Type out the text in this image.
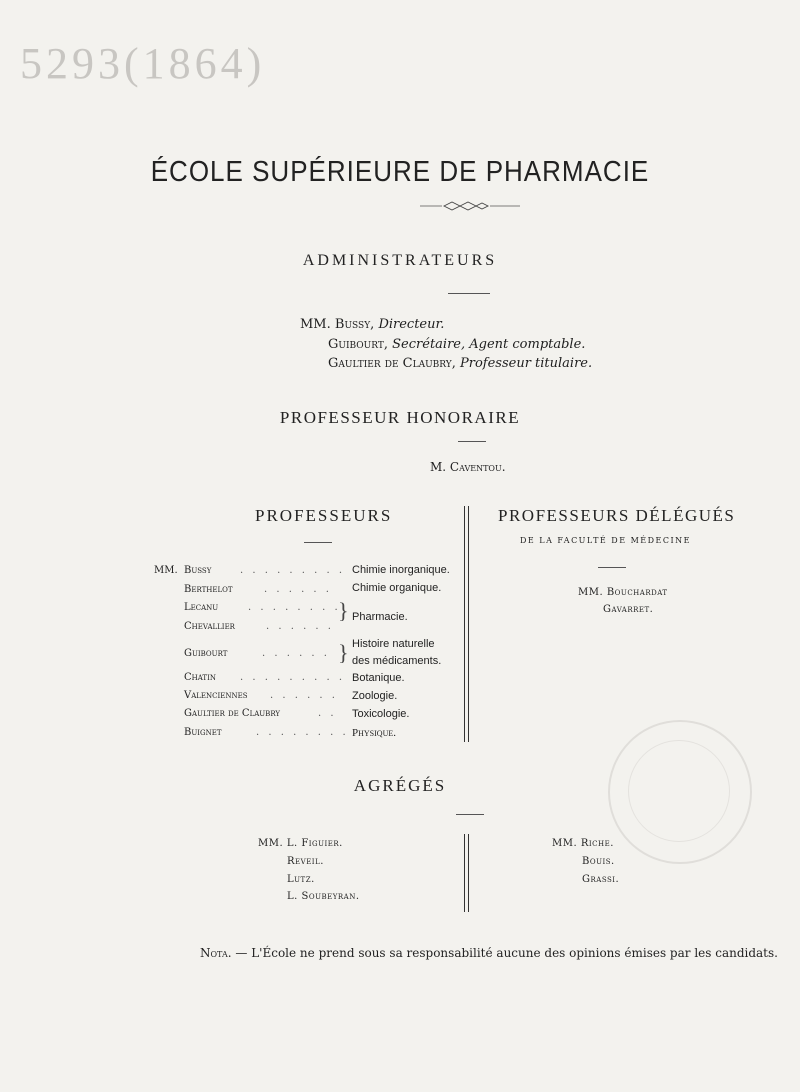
5293(1864)
ÉCOLE SUPÉRIEURE DE PHARMACIE
ADMINISTRATEURS
MM. Bussy, Directeur.
Guibourt, Secrétaire, Agent comptable.
Gaultier de Claubry, Professeur titulaire.
PROFESSEUR HONORAIRE
M. Caventou.
PROFESSEURS
MM. Bussy
Berthelot
Lecanu
Chevallier
Guibourt
Chatin
Valenciennes
Gaultier de Claubry
Buignet
. . . . . . . . .
. . . . . .
. . . . . . . .
. . . . . .
. . . . . .
. . . . . . . . .
. . . . . .
. .
. . . . . . . .
}
}
Chimie inorganique.
Chimie organique.
Pharmacie.
Histoire naturelle
des médicaments.
Botanique.
Zoologie.
Toxicologie.
Physique.
PROFESSEURS DÉLÉGUÉS
DE LA FACULTÉ DE MÉDECINE
MM. Bouchardat
Gavarret.
AGRÉGÉS
MM. L. Figuier.
Reveil.
Lutz.
L. Soubeyran.
MM. Riche.
Bouis.
Grassi.
Nota. — L'École ne prend sous sa responsabilité aucune des opinions émises par les candidats.
